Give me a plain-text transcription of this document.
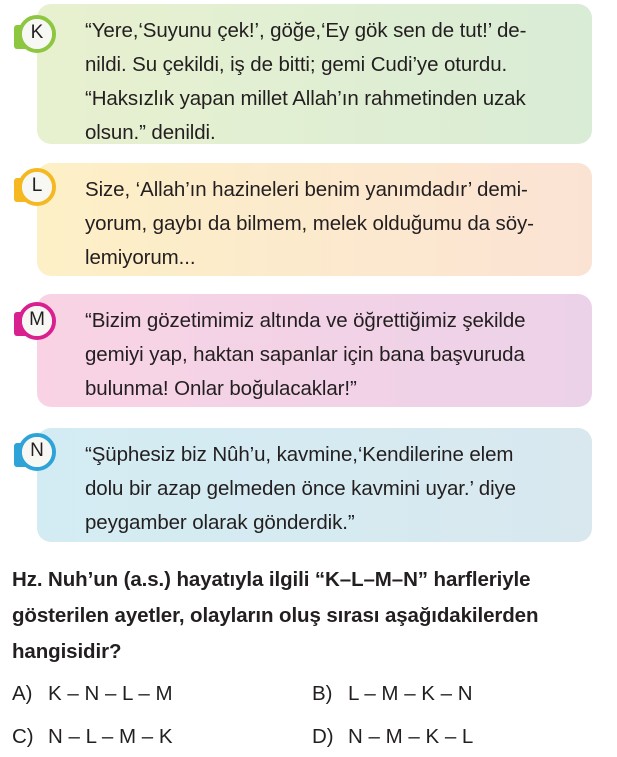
“Yere,‘Suyunu çek!’, göğe,‘Ey gök sen de tut!’ de-
nildi. Su çekildi, iş de bitti; gemi Cudi’ye oturdu.
“Haksızlık yapan millet Allah’ın rahmetinden uzak
olsun.” denildi.
K
Size, ‘Allah’ın hazineleri benim yanımdadır’ demi-
yorum, gaybı da bilmem, melek olduğumu da söy-
lemiyorum...
L
“Bizim gözetimimiz altında ve öğrettiğimiz şekilde
gemiyi yap, haktan sapanlar için bana başvuruda
bulunma! Onlar boğulacaklar!”
M
“Şüphesiz biz Nûh’u, kavmine,‘Kendilerine elem
dolu bir azap gelmeden önce kavmini uyar.’ diye
peygamber olarak gönderdik.”
N
Hz. Nuh’un (a.s.) hayatıyla ilgili “K–L–M–N” harfleriyle
gösterilen ayetler, olayların oluş sırası aşağıdakilerden
hangisidir?
A) K – N – L – M	B) L – M – K – N
C) N – L – M – K	D) N – M – K – L
